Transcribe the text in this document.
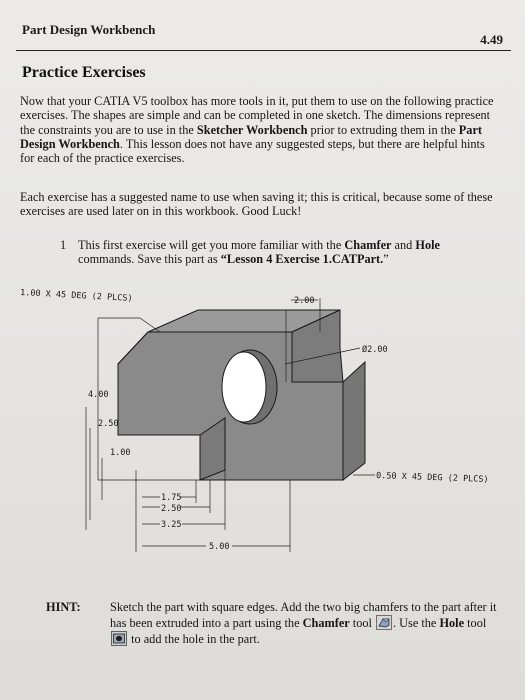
Part Design Workbench
4.49
Practice Exercises
Now that your CATIA V5 toolbox has more tools in it, put them to use on the following practice exercises. The shapes are simple and can be completed in one sketch. The dimensions represent the constraints you are to use in the Sketcher Workbench prior to extruding them in the Part Design Workbench. This lesson does not have any suggested steps, but there are helpful hints for each of the practice exercises.
Each exercise has a suggested name to use when saving it; this is critical, because some of these exercises are used later on in this workbook. Good Luck!
1 This first exercise will get you more familiar with the Chamfer and Hole commands. Save this part as “Lesson 4 Exercise 1.CATPart.”
1.00 X 45 DEG (2 PLCS)	2.00
Ø2.00
4.00
2.50
1.00
0.50 X 45 DEG (2 PLCS)
1.75
2.50
3.25
5.00
HINT: Sketch the part with square edges. Add the two big chamfers to the part after it has been extruded into a part using the Chamfer tool . Use the Hole tool  to add the hole in the part.
